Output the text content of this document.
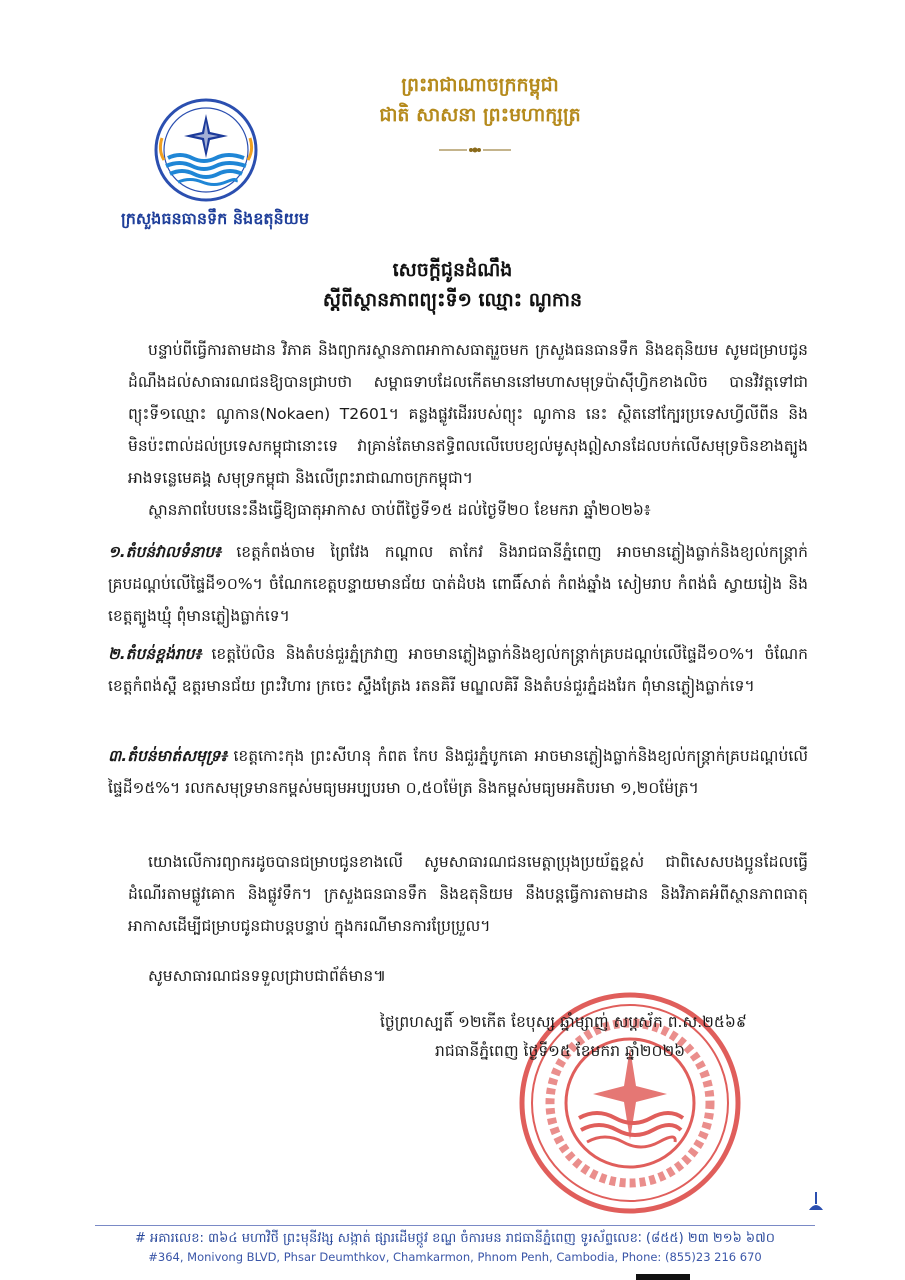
ក្រសួងធនធានទឹក និងឧតុនិយម
ព្រះរាជាណាចក្រកម្ពុជា
ជាតិ សាសនា ព្រះមហាក្សត្រ
សេចក្តីជូនដំណឹង
ស្តីពីស្ថានភាពព្យុះទី១ ឈ្មោះ ណូកាន
បន្ទាប់ពីធ្វើការតាមដាន វិភាគ និងព្យាករស្ថានភាពអាកាសធាតុរួចមក ក្រសួងធនធានទឹក និងឧតុនិយម សូមជម្រាបជូនដំណឹងដល់សាធារណជនឱ្យបានជ្រាបថា សម្ពាធទាបដែលកើតមាននៅមហាសមុទ្រប៉ាស៊ីហ្វិកខាងលិច បានវិវត្តទៅជាព្យុះទី១ឈ្មោះ ណូកាន(Nokaen) T2601។ គន្លងផ្លូវដើររបស់ព្យុះ ណូកាន នេះ ស្ថិតនៅក្បែរប្រទេសហ្វីលីពីន និងមិនប៉ះពាល់ដល់ប្រទេសកម្ពុជានោះទេ វាគ្រាន់តែមានឥទ្ធិពលលើបេបខ្យល់មូសុងឦសានដែលបក់លើសមុទ្រចិនខាងត្បូង អាងទន្លេមេគង្គ សមុទ្រកម្ពុជា និងលើព្រះរាជាណាចក្រកម្ពុជា។
ស្ថានភាពបែបនេះនឹងធ្វើឱ្យធាតុអាកាស ចាប់ពីថ្ងៃទី១៥ ដល់ថ្ងៃទី២០ ខែមករា ឆ្នាំ២០២៦៖
១.តំបន់វាលទំនាប៖ ខេត្តកំពង់ចាម ព្រៃវែង កណ្តាល តាកែវ និងរាជធានីភ្នំពេញ អាចមានភ្លៀងធ្លាក់និងខ្យល់កន្ត្រាក់គ្របដណ្តប់លើផ្ទៃដី១០%។ ចំណែកខេត្តបន្ទាយមានជ័យ បាត់ដំបង ពោធិ៍សាត់ កំពង់ឆ្នាំង សៀមរាប កំពង់ធំ ស្វាយរៀង និងខេត្តត្បូងឃ្មុំ ពុំមានភ្លៀងធ្លាក់ទេ។
២.តំបន់ខ្ពង់រាប៖ ខេត្តប៉ៃលិន និងតំបន់ជួរភ្នំក្រវាញ អាចមានភ្លៀងធ្លាក់និងខ្យល់កន្ត្រាក់គ្របដណ្តប់លើផ្ទៃដី១០%។ ចំណែកខេត្តកំពង់ស្ពឺ ឧត្តរមានជ័យ ព្រះវិហារ ក្រចេះ ស្ទឹងត្រែង រតនគិរី មណ្ឌលគិរី និងតំបន់ជួរភ្នំដងរែក ពុំមានភ្លៀងធ្លាក់ទេ។
៣.តំបន់មាត់សមុទ្រ៖ ខេត្តកោះកុង ព្រះសីហនុ កំពត កែប និងជួរភ្នំបូកគោ អាចមានភ្លៀងធ្លាក់និងខ្យល់កន្ត្រាក់គ្របដណ្តប់លើផ្ទៃដី១៥%។ រលកសមុទ្រមានកម្ពស់មធ្យមអប្បបរមា ០,៥០ម៉ែត្រ និងកម្ពស់មធ្យមអតិបរមា ១,២០ម៉ែត្រ។
យោងលើការព្យាករដូចបានជម្រាបជូនខាងលើ សូមសាធារណជនមេត្តាប្រុងប្រយ័ត្នខ្ពស់ ជាពិសេសបងប្អូនដែលធ្វើដំណើរតាមផ្លូវគោក និងផ្លូវទឹក។ ក្រសួងធនធានទឹក និងឧតុនិយម នឹងបន្តធ្វើការតាមដាន និងវិភាគអំពីស្ថានភាពធាតុអាកាសដើម្បីជម្រាបជូនជាបន្តបន្ទាប់ ក្នុងករណីមានការប្រែប្រួល។
សូមសាធារណជនទទួលជ្រាបជាព័ត៌មាន៕
ថ្ងៃព្រហស្បតិ៍ ១២កើត ខែបុស្ស ឆ្នាំម្សាញ់ សប្តស័ក ព.ស.២៥៦៩
រាជធានីភ្នំពេញ ថ្ងៃទី១៥ ខែមករា ឆ្នាំ២០២៦
# អគារលេខ: ៣៦៤ មហាវិថី ព្រះមុនីវង្ស សង្កាត់ ផ្សារដើមថ្កូវ ខណ្ឌ ចំការមន រាជធានីភ្នំពេញ ទូរស័ព្ទលេខៈ (៨៥៥) ២៣ ២១៦ ៦៧០
#364, Monivong BLVD, Phsar Deumthkov, Chamkarmon, Phnom Penh, Cambodia, Phone: (855)23 216 670
